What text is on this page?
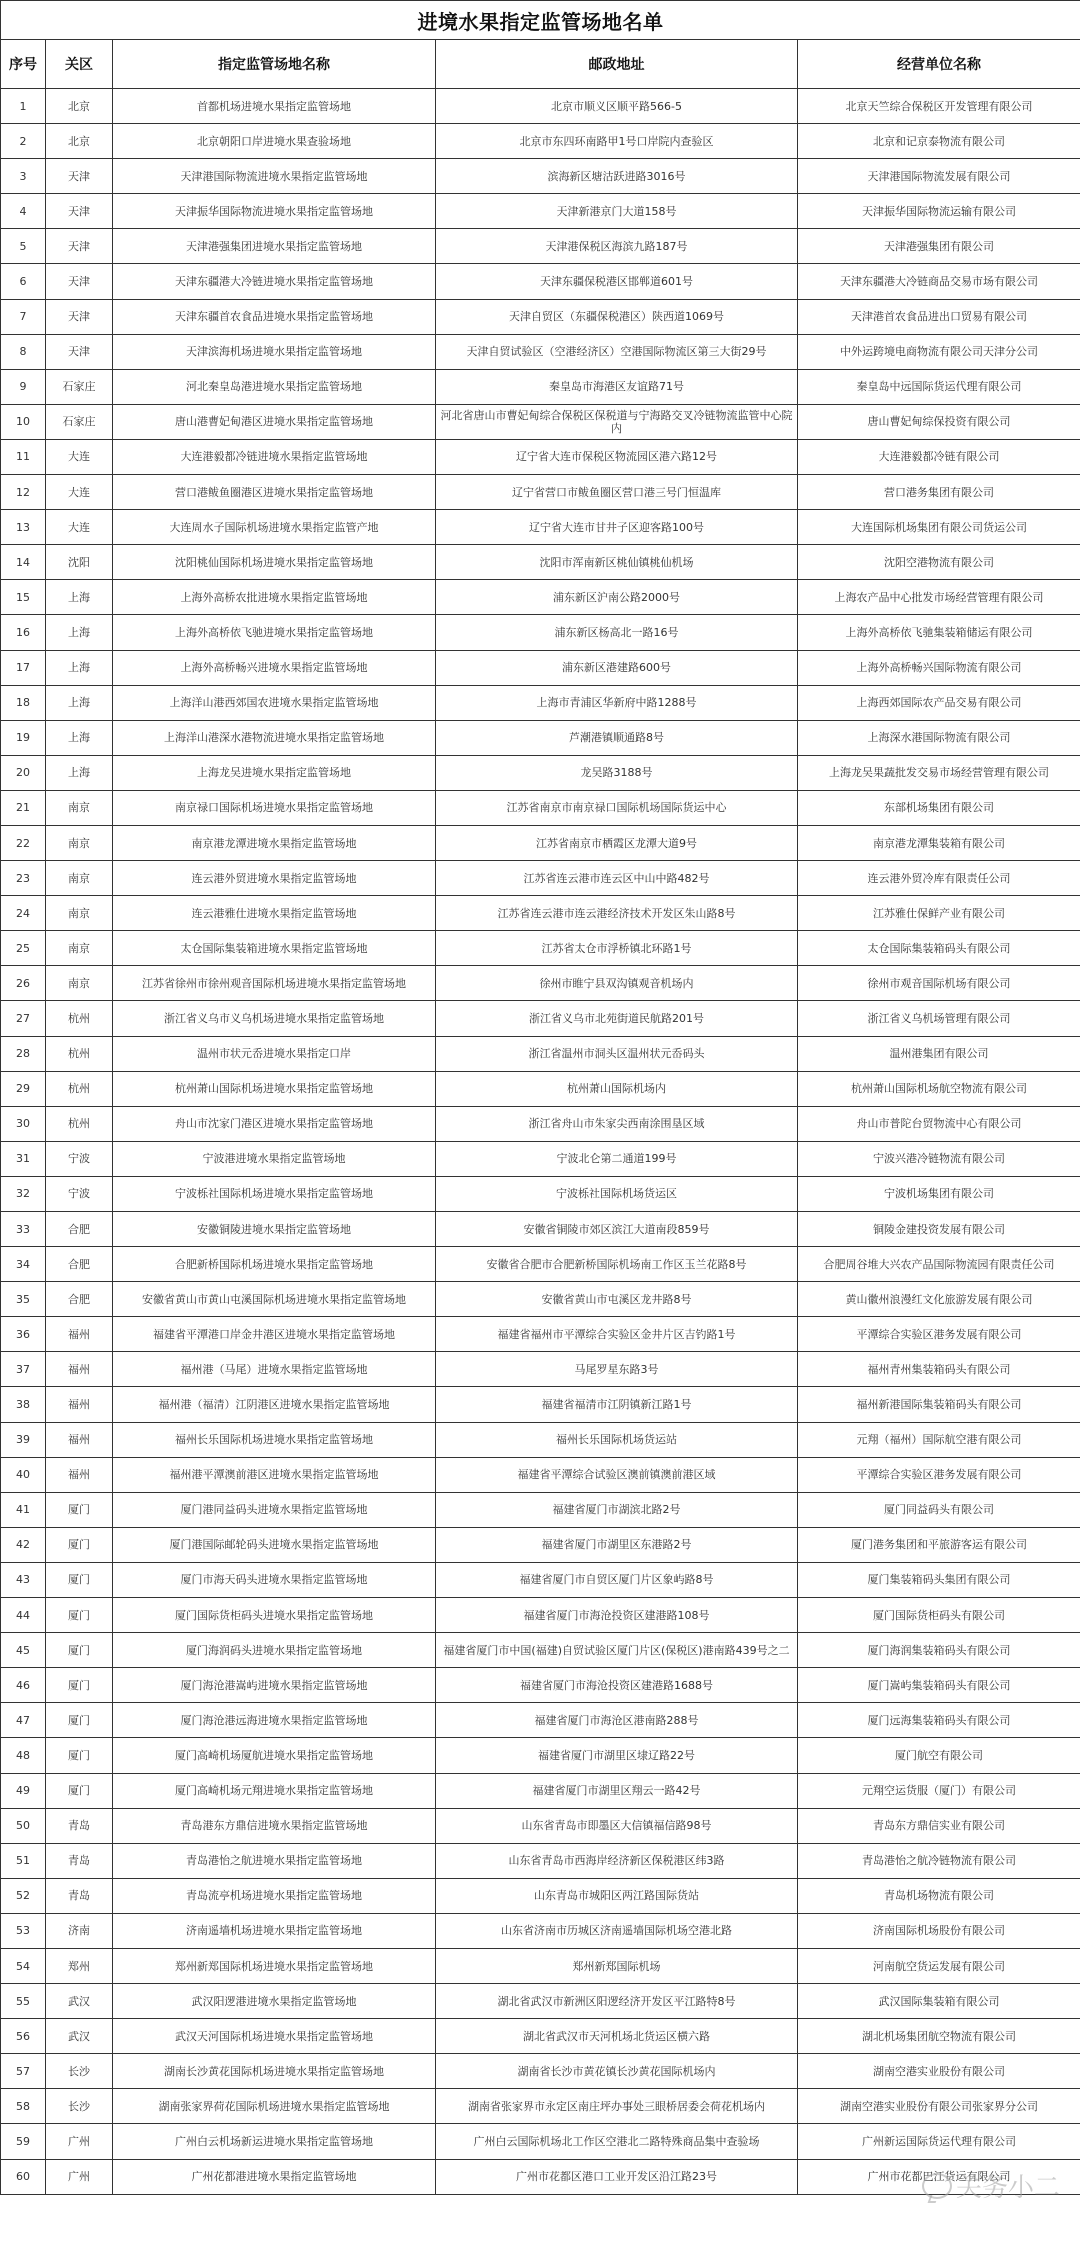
进境水果指定监管场地名单				
序号	关区	指定监管场地名称	邮政地址	经营单位名称
1	北京	首都机场进境水果指定监管场地	北京市顺义区顺平路566-5	北京天竺综合保税区开发管理有限公司
2	北京	北京朝阳口岸进境水果查验场地	北京市东四环南路甲1号口岸院内查验区	北京和记京泰物流有限公司
3	天津	天津港国际物流进境水果指定监管场地	滨海新区塘沽跃进路3016号	天津港国际物流发展有限公司
4	天津	天津振华国际物流进境水果指定监管场地	天津新港京门大道158号	天津振华国际物流运输有限公司
5	天津	天津港强集团进境水果指定监管场地	天津港保税区海滨九路187号	天津港强集团有限公司
6	天津	天津东疆港大冷链进境水果指定监管场地	天津东疆保税港区邯郸道601号	天津东疆港大冷链商品交易市场有限公司
7	天津	天津东疆首农食品进境水果指定监管场地	天津自贸区（东疆保税港区）陕西道1069号	天津港首农食品进出口贸易有限公司
8	天津	天津滨海机场进境水果指定监管场地	天津自贸试验区（空港经济区）空港国际物流区第三大街29号	中外运跨境电商物流有限公司天津分公司
9	石家庄	河北秦皇岛港进境水果指定监管场地	秦皇岛市海港区友谊路71号	秦皇岛中远国际货运代理有限公司
10	石家庄	唐山港曹妃甸港区进境水果指定监管场地	河北省唐山市曹妃甸综合保税区保税道与宁海路交叉冷链物流监管中心院内	唐山曹妃甸综保投资有限公司
11	大连	大连港毅都冷链进境水果指定监管场地	辽宁省大连市保税区物流园区港六路12号	大连港毅都冷链有限公司
12	大连	营口港鲅鱼圈港区进境水果指定监管场地	辽宁省营口市鲅鱼圈区营口港三号门恒温库	营口港务集团有限公司
13	大连	大连周水子国际机场进境水果指定监管产地	辽宁省大连市甘井子区迎客路100号	大连国际机场集团有限公司货运公司
14	沈阳	沈阳桃仙国际机场进境水果指定监管场地	沈阳市浑南新区桃仙镇桃仙机场	沈阳空港物流有限公司
15	上海	上海外高桥农批进境水果指定监管场地	浦东新区沪南公路2000号	上海农产品中心批发市场经营管理有限公司
16	上海	上海外高桥依飞驰进境水果指定监管场地	浦东新区杨高北一路16号	上海外高桥依飞驰集装箱储运有限公司
17	上海	上海外高桥畅兴进境水果指定监管场地	浦东新区港建路600号	上海外高桥畅兴国际物流有限公司
18	上海	上海洋山港西郊国农进境水果指定监管场地	上海市青浦区华新府中路1288号	上海西郊国际农产品交易有限公司
19	上海	上海洋山港深水港物流进境水果指定监管场地	芦潮港镇顺通路8号	上海深水港国际物流有限公司
20	上海	上海龙吴进境水果指定监管场地	龙吴路3188号	上海龙吴果蔬批发交易市场经营管理有限公司
21	南京	南京禄口国际机场进境水果指定监管场地	江苏省南京市南京禄口国际机场国际货运中心	东部机场集团有限公司
22	南京	南京港龙潭进境水果指定监管场地	江苏省南京市栖霞区龙潭大道9号	南京港龙潭集装箱有限公司
23	南京	连云港外贸进境水果指定监管场地	江苏省连云港市连云区中山中路482号	连云港外贸冷库有限责任公司
24	南京	连云港雅仕进境水果指定监管场地	江苏省连云港市连云港经济技术开发区朱山路8号	江苏雅仕保鲜产业有限公司
25	南京	太仓国际集装箱进境水果指定监管场地	江苏省太仓市浮桥镇北环路1号	太仓国际集装箱码头有限公司
26	南京	江苏省徐州市徐州观音国际机场进境水果指定监管场地	徐州市睢宁县双沟镇观音机场内	徐州市观音国际机场有限公司
27	杭州	浙江省义乌市义乌机场进境水果指定监管场地	浙江省义乌市北苑街道民航路201号	浙江省义乌机场管理有限公司
28	杭州	温州市状元岙进境水果指定口岸	浙江省温州市洞头区温州状元岙码头	温州港集团有限公司
29	杭州	杭州萧山国际机场进境水果指定监管场地	杭州萧山国际机场内	杭州萧山国际机场航空物流有限公司
30	杭州	舟山市沈家门港区进境水果指定监管场地	浙江省舟山市朱家尖西南涂围垦区域	舟山市普陀台贸物流中心有限公司
31	宁波	宁波港进境水果指定监管场地	宁波北仑第二通道199号	宁波兴港冷链物流有限公司
32	宁波	宁波栎社国际机场进境水果指定监管场地	宁波栎社国际机场货运区	宁波机场集团有限公司
33	合肥	安徽铜陵进境水果指定监管场地	安徽省铜陵市郊区滨江大道南段859号	铜陵金建投资发展有限公司
34	合肥	合肥新桥国际机场进境水果指定监管场地	安徽省合肥市合肥新桥国际机场南工作区玉兰花路8号	合肥周谷堆大兴农产品国际物流园有限责任公司
35	合肥	安徽省黄山市黄山屯溪国际机场进境水果指定监管场地	安徽省黄山市屯溪区龙井路8号	黄山徽州浪漫红文化旅游发展有限公司
36	福州	福建省平潭港口岸金井港区进境水果指定监管场地	福建省福州市平潭综合实验区金井片区吉钓路1号	平潭综合实验区港务发展有限公司
37	福州	福州港（马尾）进境水果指定监管场地	马尾罗星东路3号	福州青州集装箱码头有限公司
38	福州	福州港（福清）江阴港区进境水果指定监管场地	福建省福清市江阴镇新江路1号	福州新港国际集装箱码头有限公司
39	福州	福州长乐国际机场进境水果指定监管场地	福州长乐国际机场货运站	元翔（福州）国际航空港有限公司
40	福州	福州港平潭澳前港区进境水果指定监管场地	福建省平潭综合试验区澳前镇澳前港区域	平潭综合实验区港务发展有限公司
41	厦门	厦门港同益码头进境水果指定监管场地	福建省厦门市湖滨北路2号	厦门同益码头有限公司
42	厦门	厦门港国际邮轮码头进境水果指定监管场地	福建省厦门市湖里区东港路2号	厦门港务集团和平旅游客运有限公司
43	厦门	厦门市海天码头进境水果指定监管场地	福建省厦门市自贸区厦门片区象屿路8号	厦门集装箱码头集团有限公司
44	厦门	厦门国际货柜码头进境水果指定监管场地	福建省厦门市海沧投资区建港路108号	厦门国际货柜码头有限公司
45	厦门	厦门海润码头进境水果指定监管场地	福建省厦门市中国(福建)自贸试验区厦门片区(保税区)港南路439号之二	厦门海润集装箱码头有限公司
46	厦门	厦门海沧港嵩屿进境水果指定监管场地	福建省厦门市海沧投资区建港路1688号	厦门嵩屿集装箱码头有限公司
47	厦门	厦门海沧港远海进境水果指定监管场地	福建省厦门市海沧区港南路288号	厦门远海集装箱码头有限公司
48	厦门	厦门高崎机场厦航进境水果指定监管场地	福建省厦门市湖里区埭辽路22号	厦门航空有限公司
49	厦门	厦门高崎机场元翔进境水果指定监管场地	福建省厦门市湖里区翔云一路42号	元翔空运货服（厦门）有限公司
50	青岛	青岛港东方鼎信进境水果指定监管场地	山东省青岛市即墨区大信镇福信路98号	青岛东方鼎信实业有限公司
51	青岛	青岛港怡之航进境水果指定监管场地	山东省青岛市西海岸经济新区保税港区纬3路	青岛港怡之航冷链物流有限公司
52	青岛	青岛流亭机场进境水果指定监管场地	山东青岛市城阳区两江路国际货站	青岛机场物流有限公司
53	济南	济南遥墙机场进境水果指定监管场地	山东省济南市历城区济南遥墙国际机场空港北路	济南国际机场股份有限公司
54	郑州	郑州新郑国际机场进境水果指定监管场地	郑州新郑国际机场	河南航空货运发展有限公司
55	武汉	武汉阳逻港进境水果指定监管场地	湖北省武汉市新洲区阳逻经济开发区平江路特8号	武汉国际集装箱有限公司
56	武汉	武汉天河国际机场进境水果指定监管场地	湖北省武汉市天河机场北货运区横六路	湖北机场集团航空物流有限公司
57	长沙	湖南长沙黄花国际机场进境水果指定监管场地	湖南省长沙市黄花镇长沙黄花国际机场内	湖南空港实业股份有限公司
58	长沙	湖南张家界荷花国际机场进境水果指定监管场地	湖南省张家界市永定区南庄坪办事处三眼桥居委会荷花机场内	湖南空港实业股份有限公司张家界分公司
59	广州	广州白云机场新运进境水果指定监管场地	广州白云国际机场北工作区空港北二路特殊商品集中查验场	广州新运国际货运代理有限公司
60	广州	广州花都港进境水果指定监管场地	广州市花都区港口工业开发区沿江路23号	广州市花都巴江货运有限公司
关务小二
